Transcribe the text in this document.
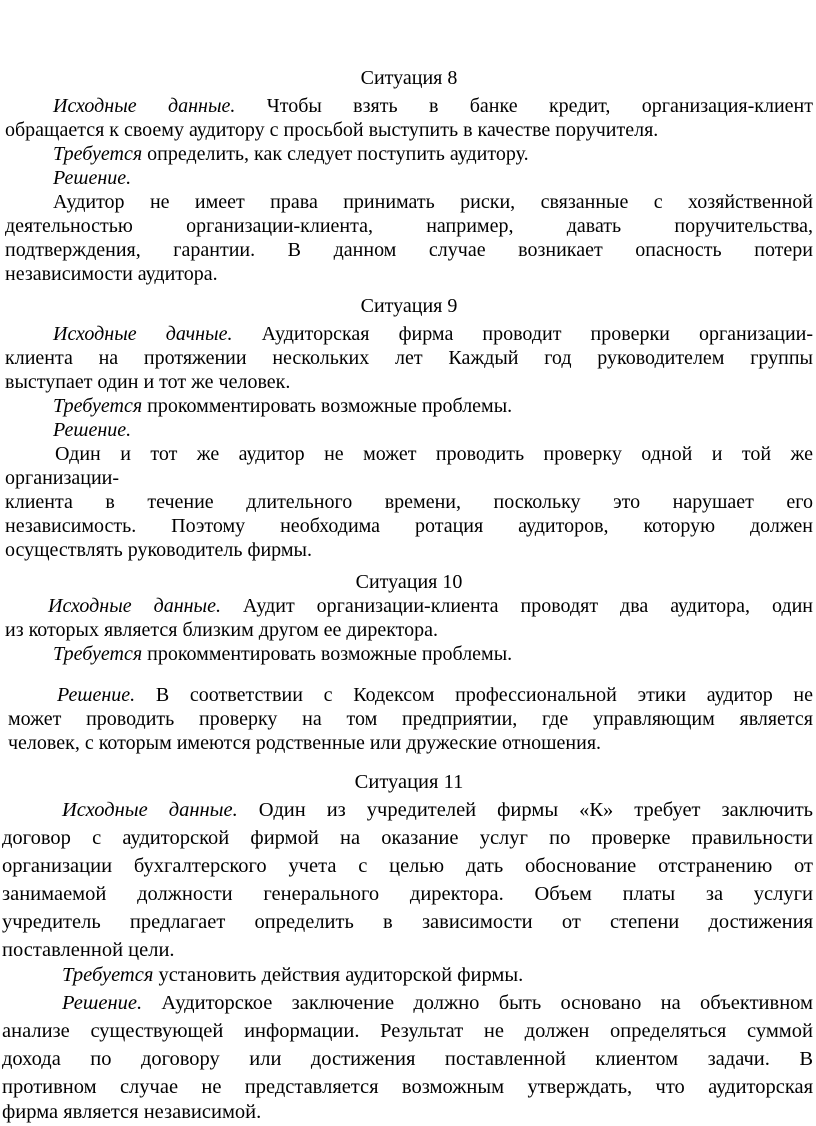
Ситуация 8
Исходные данные. Чтобы взять в банке кредит, организация-клиент
обращается к своему аудитору с просьбой выступить в качестве поручителя.
Требуется определить, как следует поступить аудитору.
Решение.
Аудитор не имеет права принимать риски, связанные с хозяйственной
деятельностью организации-клиента, например, давать поручительства,
подтверждения, гарантии. В данном случае возникает опасность потери
независимости аудитора.
Ситуация 9
Исходные дачные. Аудиторская фирма проводит проверки организации-
клиента на протяжении нескольких лет Каждый год руководителем группы
выступает один и тот же человек.
Требуется прокомментировать возможные проблемы.
Решение.
Один и тот же аудитор не может проводить проверку одной и той же
организации-
клиента в течение длительного времени, поскольку это нарушает его
независимость. Поэтому необходима ротация аудиторов, которую должен
осуществлять руководитель фирмы.
Ситуация 10
Исходные данные. Аудит организации-клиента проводят два аудитора, один
из которых является близким другом ее директора.
Требуется прокомментировать возможные проблемы.
Решение. В соответствии с Кодексом профессиональной этики аудитор не
может проводить проверку на том предприятии, где управляющим является
человек, с которым имеются родственные или дружеские отношения.
Ситуация 11
Исходные данные. Один из учредителей фирмы «К» требует заключить
договор с аудиторской фирмой на оказание услуг по проверке правильности
организации бухгалтерского учета с целью дать обоснование отстранению от
занимаемой должности генерального директора. Объем платы за услуги
учредитель предлагает определить в зависимости от степени достижения
поставленной цели.
Требуется установить действия аудиторской фирмы.
Решение. Аудиторское заключение должно быть основано на объективном
анализе существующей информации. Результат не должен определяться суммой
дохода по договору или достижения поставленной клиентом задачи. В
противном случае не представляется возможным утверждать, что аудиторская
фирма является независимой.
